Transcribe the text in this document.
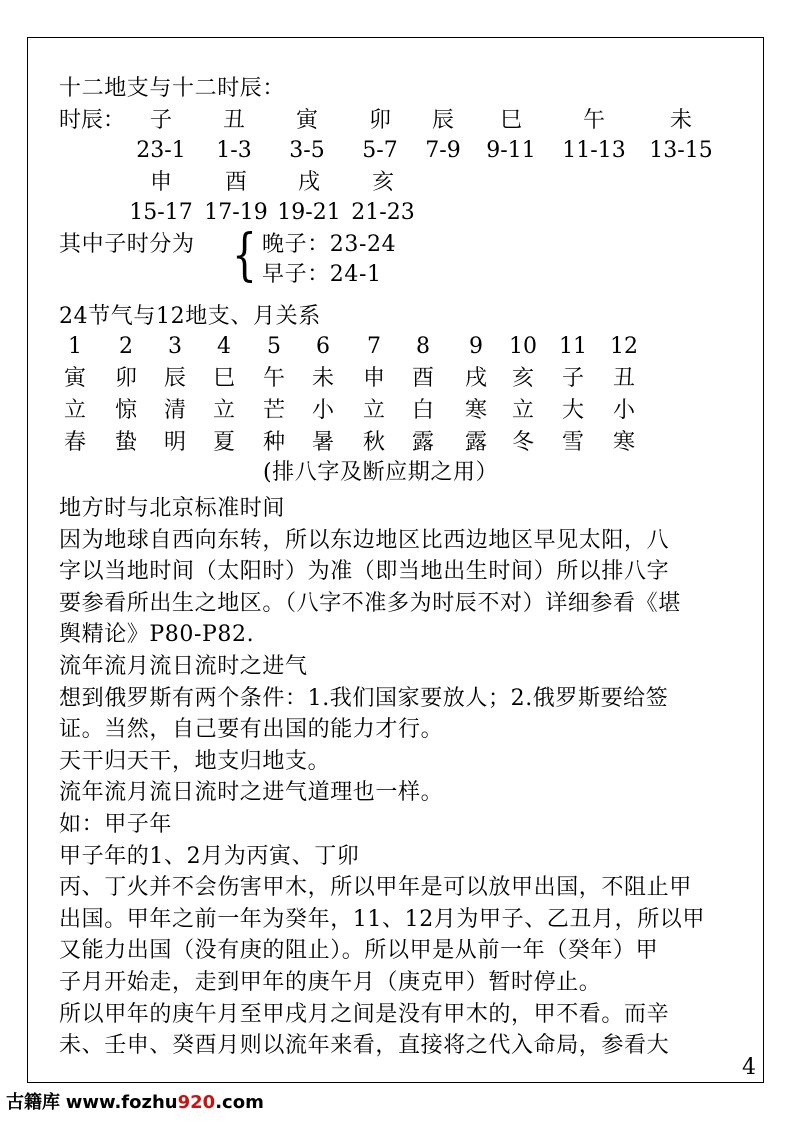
十二地支与十二时辰：
时辰： 子 丑 寅 卯 辰 巳	午	未
23-1	1-3	3-5	5-7	7-9	9-11	11-13	13-15
申 酉 戌 亥
15-17 17-19 19-21 21-23
其中子时分为 { 晚子：23-24
早子：24-1
24节气与12地支、月关系
1	2	3	4	5	6	7	8	9	10 11 12
寅 卯 辰 巳 午 未 申 酉 戌 亥 子 丑
立 惊 清 立 芒 小 立 白 寒 立 大 小
春 蛰 明 夏 种 暑 秋 露 露 冬 雪 寒
(排八字及断应期之用）
地方时与北京标准时间
因为地球自西向东转，所以东边地区比西边地区早见太阳，八
字以当地时间（太阳时）为准（即当地出生时间）所以排八字
要参看所出生之地区。（八字不准多为时辰不对）详细参看《堪
舆精论》P80-P82.
流年流月流日流时之进气
想到俄罗斯有两个条件：1.我们国家要放人；2.俄罗斯要给签
证。当然，自己要有出国的能力才行。
天干归天干，地支归地支。
流年流月流日流时之进气道理也一样。
如：甲子年
甲子年的1、2月为丙寅、丁卯
丙、丁火并不会伤害甲木，所以甲年是可以放甲出国，不阻止甲
出国。甲年之前一年为癸年，11、12月为甲子、乙丑月，所以甲
又能力出国（没有庚的阻止）。所以甲是从前一年（癸年）甲
子月开始走，走到甲年的庚午月（庚克甲）暂时停止。
所以甲年的庚午月至甲戌月之间是没有甲木的，甲不看。而辛
未、壬申、癸酉月则以流年来看，直接将之代入命局，参看大
4
古籍库 www.fozhu920.com
